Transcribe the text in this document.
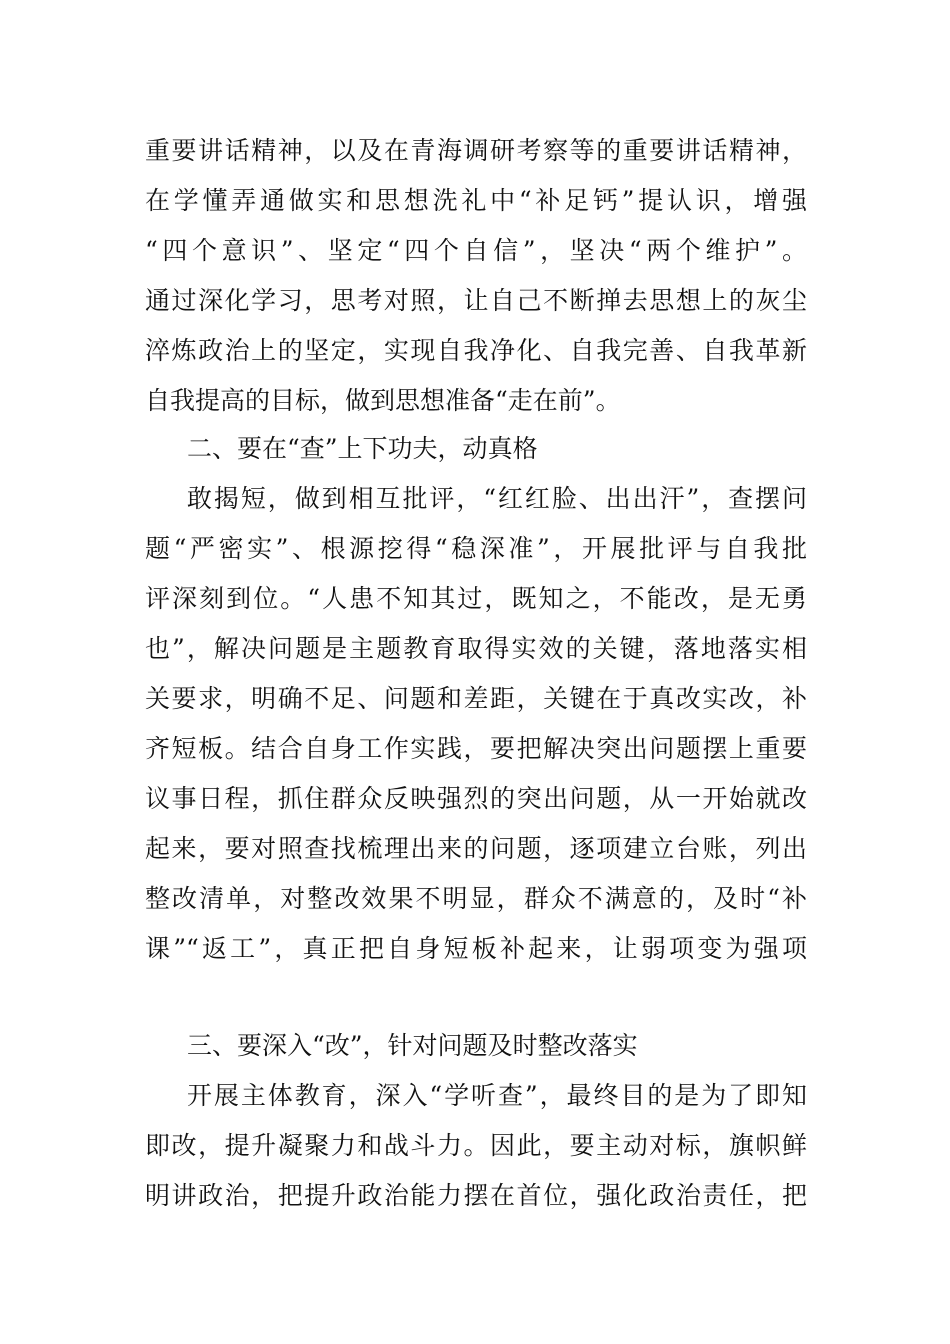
重要讲话精神，以及在青海调研考察等的重要讲话精神，
在学懂弄通做实和思想洗礼中“补足钙”提认识，增强
“四个意识”、坚定“四个自信”，坚决“两个维护”。
通过深化学习，思考对照，让自己不断掸去思想上的灰尘
淬炼政治上的坚定，实现自我净化、自我完善、自我革新
自我提高的目标，做到思想准备“走在前”。
二、要在“查”上下功夫，动真格
敢揭短，做到相互批评，“红红脸、出出汗”，查摆问
题“严密实”、根源挖得“稳深准”，开展批评与自我批
评深刻到位。“人患不知其过，既知之，不能改，是无勇
也”，解决问题是主题教育取得实效的关键，落地落实相
关要求，明确不足、问题和差距，关键在于真改实改，补
齐短板。结合自身工作实践，要把解决突出问题摆上重要
议事日程，抓住群众反映强烈的突出问题，从一开始就改
起来，要对照查找梳理出来的问题，逐项建立台账，列出
整改清单，对整改效果不明显，群众不满意的，及时“补
课”“返工”，真正把自身短板补起来，让弱项变为强项
三、要深入“改”，针对问题及时整改落实
开展主体教育，深入“学听查”，最终目的是为了即知
即改，提升凝聚力和战斗力。因此，要主动对标，旗帜鲜
明讲政治，把提升政治能力摆在首位，强化政治责任，把
